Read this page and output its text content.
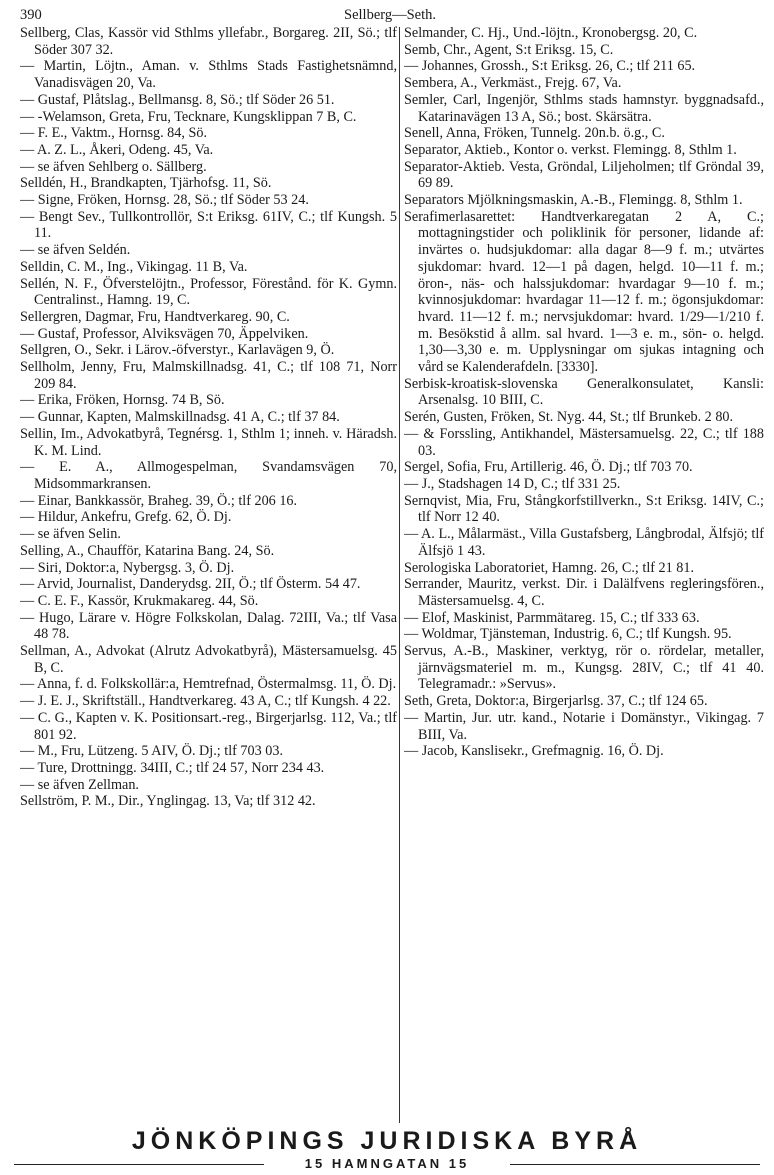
390	Sellberg—Seth.

Sellberg, Clas, Kassör vid Sthlms yllefabr., Borgareg. 2II, Sö.; tlf Söder 307 32.

— Martin, Löjtn., Aman. v. Sthlms Stads Fastighetsnämnd, Vanadisvägen 20, Va.

— Gustaf, Plåtslag., Bellmansg. 8, Sö.; tlf Söder 26 51.

— -Welamson, Greta, Fru, Tecknare, Kungsklippan 7 B, C.

— F. E., Vaktm., Hornsg. 84, Sö.

— A. Z. L., Åkeri, Odeng. 45, Va.

— se äfven Sehlberg o. Sällberg.

Selldén, H., Brandkapten, Tjärhofsg. 11, Sö.

— Signe, Fröken, Hornsg. 28, Sö.; tlf Söder 53 24.

— Bengt Sev., Tullkontrollör, S:t Eriksg. 61IV, C.; tlf Kungsh. 5 11.

— se äfven Seldén.

Selldin, C. M., Ing., Vikingag. 11 B, Va.

Sellén, N. F., Öfverstelöjtn., Professor, Förestånd. för K. Gymn. Centralinst., Hamng. 19, C.

Sellergren, Dagmar, Fru, Handtverkareg. 90, C.

— Gustaf, Professor, Alviksvägen 70, Äppelviken.

Sellgren, O., Sekr. i Lärov.-öfverstyr., Karlavägen 9, Ö.

Sellholm, Jenny, Fru, Malmskillnadsg. 41, C.; tlf 108 71, Norr 209 84.

— Erika, Fröken, Hornsg. 74 B, Sö.

— Gunnar, Kapten, Malmskillnadsg. 41 A, C.; tlf 37 84.

Sellin, Im., Advokatbyrå, Tegnérsg. 1, Sthlm 1; inneh. v. Häradsh. K. M. Lind.

— E. A., Allmogespelman, Svandamsvägen 70, Midsommarkransen.

— Einar, Bankkassör, Braheg. 39, Ö.; tlf 206 16.

— Hildur, Ankefru, Grefg. 62, Ö. Dj.

— se äfven Selin.

Selling, A., Chaufför, Katarina Bang. 24, Sö.

— Siri, Doktor:a, Nybergsg. 3, Ö. Dj.

— Arvid, Journalist, Danderydsg. 2II, Ö.; tlf Österm. 54 47.

— C. E. F., Kassör, Krukmakareg. 44, Sö.

— Hugo, Lärare v. Högre Folkskolan, Dalag. 72III, Va.; tlf Vasa 48 78.

Sellman, A., Advokat (Alrutz Advokatbyrå), Mästersamuelsg. 45 B, C.

— Anna, f. d. Folkskollär:a, Hemtrefnad, Östermalmsg. 11, Ö. Dj.

— J. E. J., Skriftställ., Handtverkareg. 43 A, C.; tlf Kungsh. 4 22.

— C. G., Kapten v. K. Positionsart.-reg., Birgerjarlsg. 112, Va.; tlf 801 92.

— M., Fru, Lützeng. 5 AIV, Ö. Dj.; tlf 703 03.

— Ture, Drottningg. 34III, C.; tlf 24 57, Norr 234 43.

— se äfven Zellman.

Sellström, P. M., Dir., Ynglingag. 13, Va; tlf 312 42.

Selmander, C. Hj., Und.-löjtn., Kronobergsg. 20, C.

Semb, Chr., Agent, S:t Eriksg. 15, C.

— Johannes, Grossh., S:t Eriksg. 26, C.; tlf 211 65.

Sembera, A., Verkmäst., Frejg. 67, Va.

Semler, Carl, Ingenjör, Sthlms stads hamnstyr. byggnadsafd., Katarinavägen 13 A, Sö.; bost. Skärsätra.

Senell, Anna, Fröken, Tunnelg. 20n.b. ö.g., C.

Separator, Aktieb., Kontor o. verkst. Flemingg. 8, Sthlm 1.

Separator-Aktieb. Vesta, Gröndal, Liljeholmen; tlf Gröndal 39, 69 89.

Separators Mjölkningsmaskin, A.-B., Flemingg. 8, Sthlm 1.

Serafimerlasarettet: Handtverkaregatan 2 A, C.; mottagningstider och poliklinik för personer, lidande af: invärtes o. hudsjukdomar: alla dagar 8—9 f. m.; utvärtes sjukdomar: hvard. 12—1 på dagen, helgd. 10—11 f. m.; öron-, näs- och halssjukdomar: hvardagar 9—10 f. m.; kvinnosjukdomar: hvardagar 11—12 f. m.; ögonsjukdomar: hvard. 11—12 f. m.; nervsjukdomar: hvard. 1/29—1/210 f. m. Besökstid å allm. sal hvard. 1—3 e. m., sön- o. helgd. 1,30—3,30 e. m. Upplysningar om sjukas intagning och vård se Kalenderafdeln. [3330].

Serbisk-kroatisk-slovenska Generalkonsulatet, Kansli: Arsenalsg. 10 BIII, C.

Serén, Gusten, Fröken, St. Nyg. 44, St.; tlf Brunkeb. 2 80.

— & Forssling, Antikhandel, Mästersamuelsg. 22, C.; tlf 188 03.

Sergel, Sofia, Fru, Artillerig. 46, Ö. Dj.; tlf 703 70.

— J., Stadshagen 14 D, C.; tlf 331 25.

Sernqvist, Mia, Fru, Stångkorfstillverkn., S:t Eriksg. 14IV, C.; tlf Norr 12 40.

— A. L., Målarmäst., Villa Gustafsberg, Långbrodal, Älfsjö; tlf Älfsjö 1 43.

Serologiska Laboratoriet, Hamng. 26, C.; tlf 21 81.

Serrander, Mauritz, verkst. Dir. i Dalälfvens regleringsfören., Mästersamuelsg. 4, C.

— Elof, Maskinist, Parmmätareg. 15, C.; tlf 333 63.

— Woldmar, Tjänsteman, Industrig. 6, C.; tlf Kungsh. 95.

Servus, A.-B., Maskiner, verktyg, rör o. rördelar, metaller, järnvägsmateriel m. m., Kungsg. 28IV, C.; tlf 41 40. Telegramadr.: »Servus».

Seth, Greta, Doktor:a, Birgerjarlsg. 37, C.; tlf 124 65.

— Martin, Jur. utr. kand., Notarie i Domänstyr., Vikingag. 7 BIII, Va.

— Jacob, Kanslisekr., Grefmagnig. 16, Ö. Dj.

JÖNKÖPINGS JURIDISKA BYRÅ
15 HAMNGATAN 15
